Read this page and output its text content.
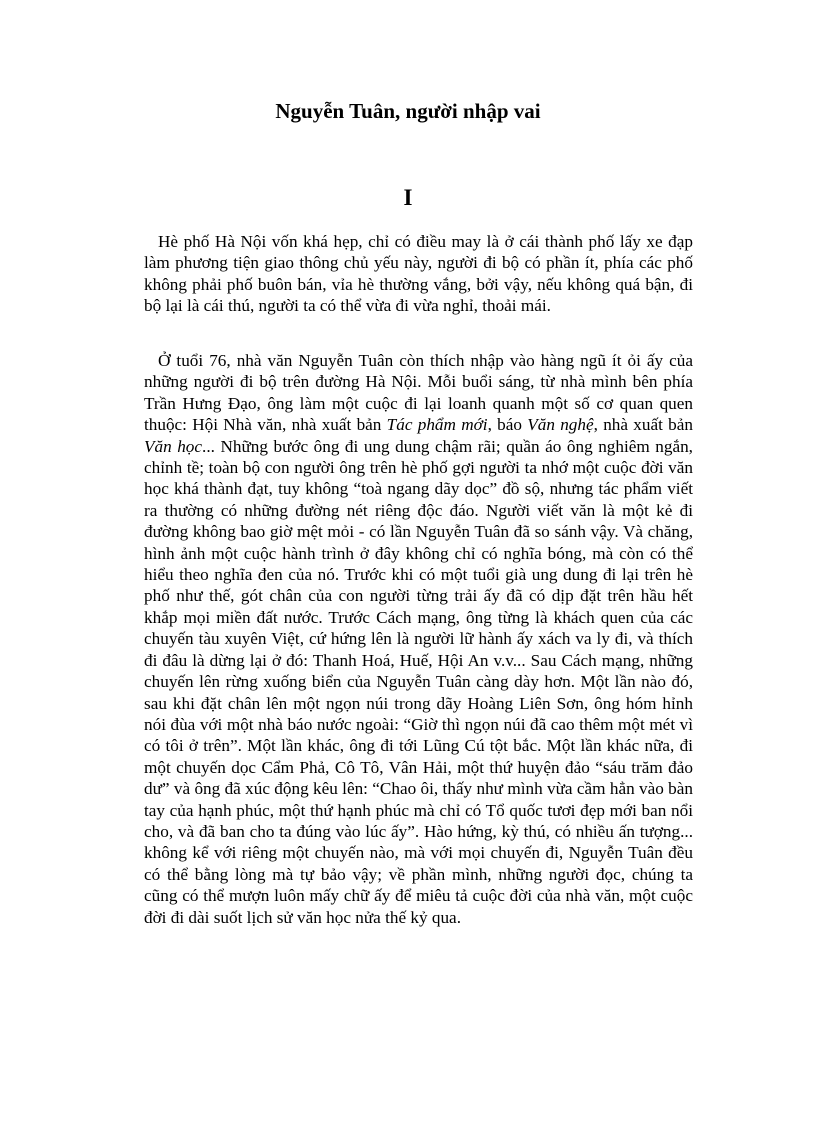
Nguyễn Tuân, người nhập vai
I

Hè phố Hà Nội vốn khá hẹp, chỉ có điều may là ở cái thành phố lấy xe đạp làm phương tiện giao thông chủ yếu này, người đi bộ có phần ít, phía các phố không phải phố buôn bán, vỉa hè thường vắng, bởi vậy, nếu không quá bận, đi bộ lại là cái thú, người ta có thể vừa đi vừa nghỉ, thoải mái.

Ở tuổi 76, nhà văn Nguyễn Tuân còn thích nhập vào hàng ngũ ít ỏi ấy của những người đi bộ trên đường Hà Nội. Mỗi buổi sáng, từ nhà mình bên phía Trần Hưng Đạo, ông làm một cuộc đi lại loanh quanh một số cơ quan quen thuộc: Hội Nhà văn, nhà xuất bản Tác phẩm mới, báo Văn nghệ, nhà xuất bản Văn học... Những bước ông đi ung dung chậm rãi; quần áo ông nghiêm ngắn, chỉnh tề; toàn bộ con người ông trên hè phố gợi người ta nhớ một cuộc đời văn học khá thành đạt, tuy không “toà ngang dãy dọc” đồ sộ, nhưng tác phẩm viết ra thường có những đường nét riêng độc đáo. Người viết văn là một kẻ đi đường không bao giờ mệt mỏi - có lần Nguyễn Tuân đã so sánh vậy. Và chăng, hình ảnh một cuộc hành trình ở đây không chỉ có nghĩa bóng, mà còn có thể hiểu theo nghĩa đen của nó. Trước khi có một tuổi già ung dung đi lại trên hè phố như thế, gót chân của con người từng trải ấy đã có dịp đặt trên hầu hết khắp mọi miền đất nước. Trước Cách mạng, ông từng là khách quen của các chuyến tàu xuyên Việt, cứ hứng lên là người lữ hành ấy xách va ly đi, và thích đi đâu là dừng lại ở đó: Thanh Hoá, Huế, Hội An v.v... Sau Cách mạng, những chuyến lên rừng xuống biển của Nguyễn Tuân càng dày hơn. Một lần nào đó, sau khi đặt chân lên một ngọn núi trong dãy Hoàng Liên Sơn, ông hóm hỉnh nói đùa với một nhà báo nước ngoài: “Giờ thì ngọn núi đã cao thêm một mét vì có tôi ở trên”. Một lần khác, ông đi tới Lũng Cú tột bắc. Một lần khác nữa, đi một chuyến dọc Cẩm Phả, Cô Tô, Vân Hải, một thứ huyện đảo “sáu trăm đảo dư” và ông đã xúc động kêu lên: “Chao ôi, thấy như mình vừa cầm hẳn vào bàn tay của hạnh phúc, một thứ hạnh phúc mà chỉ có Tổ quốc tươi đẹp mới ban nổi cho, và đã ban cho ta đúng vào lúc ấy”. Hào hứng, kỳ thú, có nhiều ấn tượng... không kể với riêng một chuyến nào, mà với mọi chuyến đi, Nguyễn Tuân đều có thể bằng lòng mà tự bảo vậy; về phần mình, những người đọc, chúng ta cũng có thể mượn luôn mấy chữ ấy để miêu tả cuộc đời của nhà văn, một cuộc đời đi dài suốt lịch sử văn học nửa thế kỷ qua.
